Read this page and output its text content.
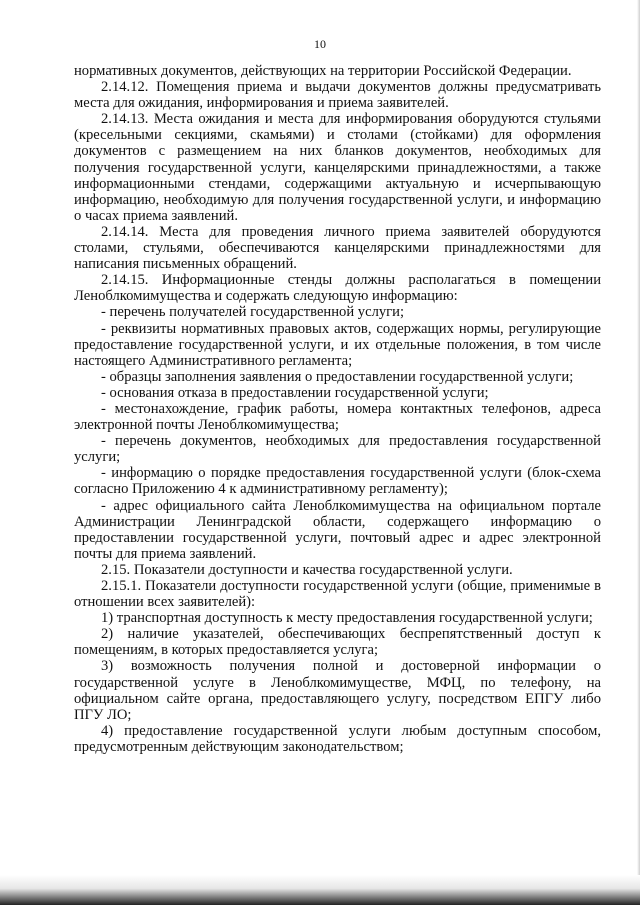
10

нормативных документов, действующих на территории Российской Федерации.

2.14.12. Помещения приема и выдачи документов должны предусматривать места для ожидания, информирования и приема заявителей.

2.14.13. Места ожидания и места для информирования оборудуются стульями (кресельными секциями, скамьями) и столами (стойками) для оформления документов с размещением на них бланков документов, необходимых для получения государственной услуги, канцелярскими принадлежностями, а также информационными стендами, содержащими актуальную и исчерпывающую информацию, необходимую для получения государственной услуги, и информацию о часах приема заявлений.

2.14.14. Места для проведения личного приема заявителей оборудуются столами, стульями, обеспечиваются канцелярскими принадлежностями для написания письменных обращений.

2.14.15. Информационные стенды должны располагаться в помещении Леноблкомимущества и содержать следующую информацию:

- перечень получателей государственной услуги;

- реквизиты нормативных правовых актов, содержащих нормы, регулирующие предоставление государственной услуги, и их отдельные положения, в том числе настоящего Административного регламента;

- образцы заполнения заявления о предоставлении государственной услуги;

- основания отказа в предоставлении государственной услуги;

- местонахождение, график работы, номера контактных телефонов, адреса электронной почты Леноблкомимущества;

- перечень документов, необходимых для предоставления государственной услуги;

- информацию о порядке предоставления государственной услуги (блок-схема согласно Приложению 4 к административному регламенту);

- адрес официального сайта Леноблкомимущества на официальном портале Администрации Ленинградской области, содержащего информацию о предоставлении государственной услуги, почтовый адрес и адрес электронной почты для приема заявлений.

2.15. Показатели доступности и качества государственной услуги.

2.15.1. Показатели доступности государственной услуги (общие, применимые в отношении всех заявителей):

1) транспортная доступность к месту предоставления государственной услуги;

2) наличие указателей, обеспечивающих беспрепятственный доступ к помещениям, в которых предоставляется услуга;

3) возможность получения полной и достоверной информации о государственной услуге в Леноблкомимуществе, МФЦ, по телефону, на официальном сайте органа, предоставляющего услугу, посредством ЕПГУ либо ПГУ ЛО;

4) предоставление государственной услуги любым доступным способом, предусмотренным действующим законодательством;
